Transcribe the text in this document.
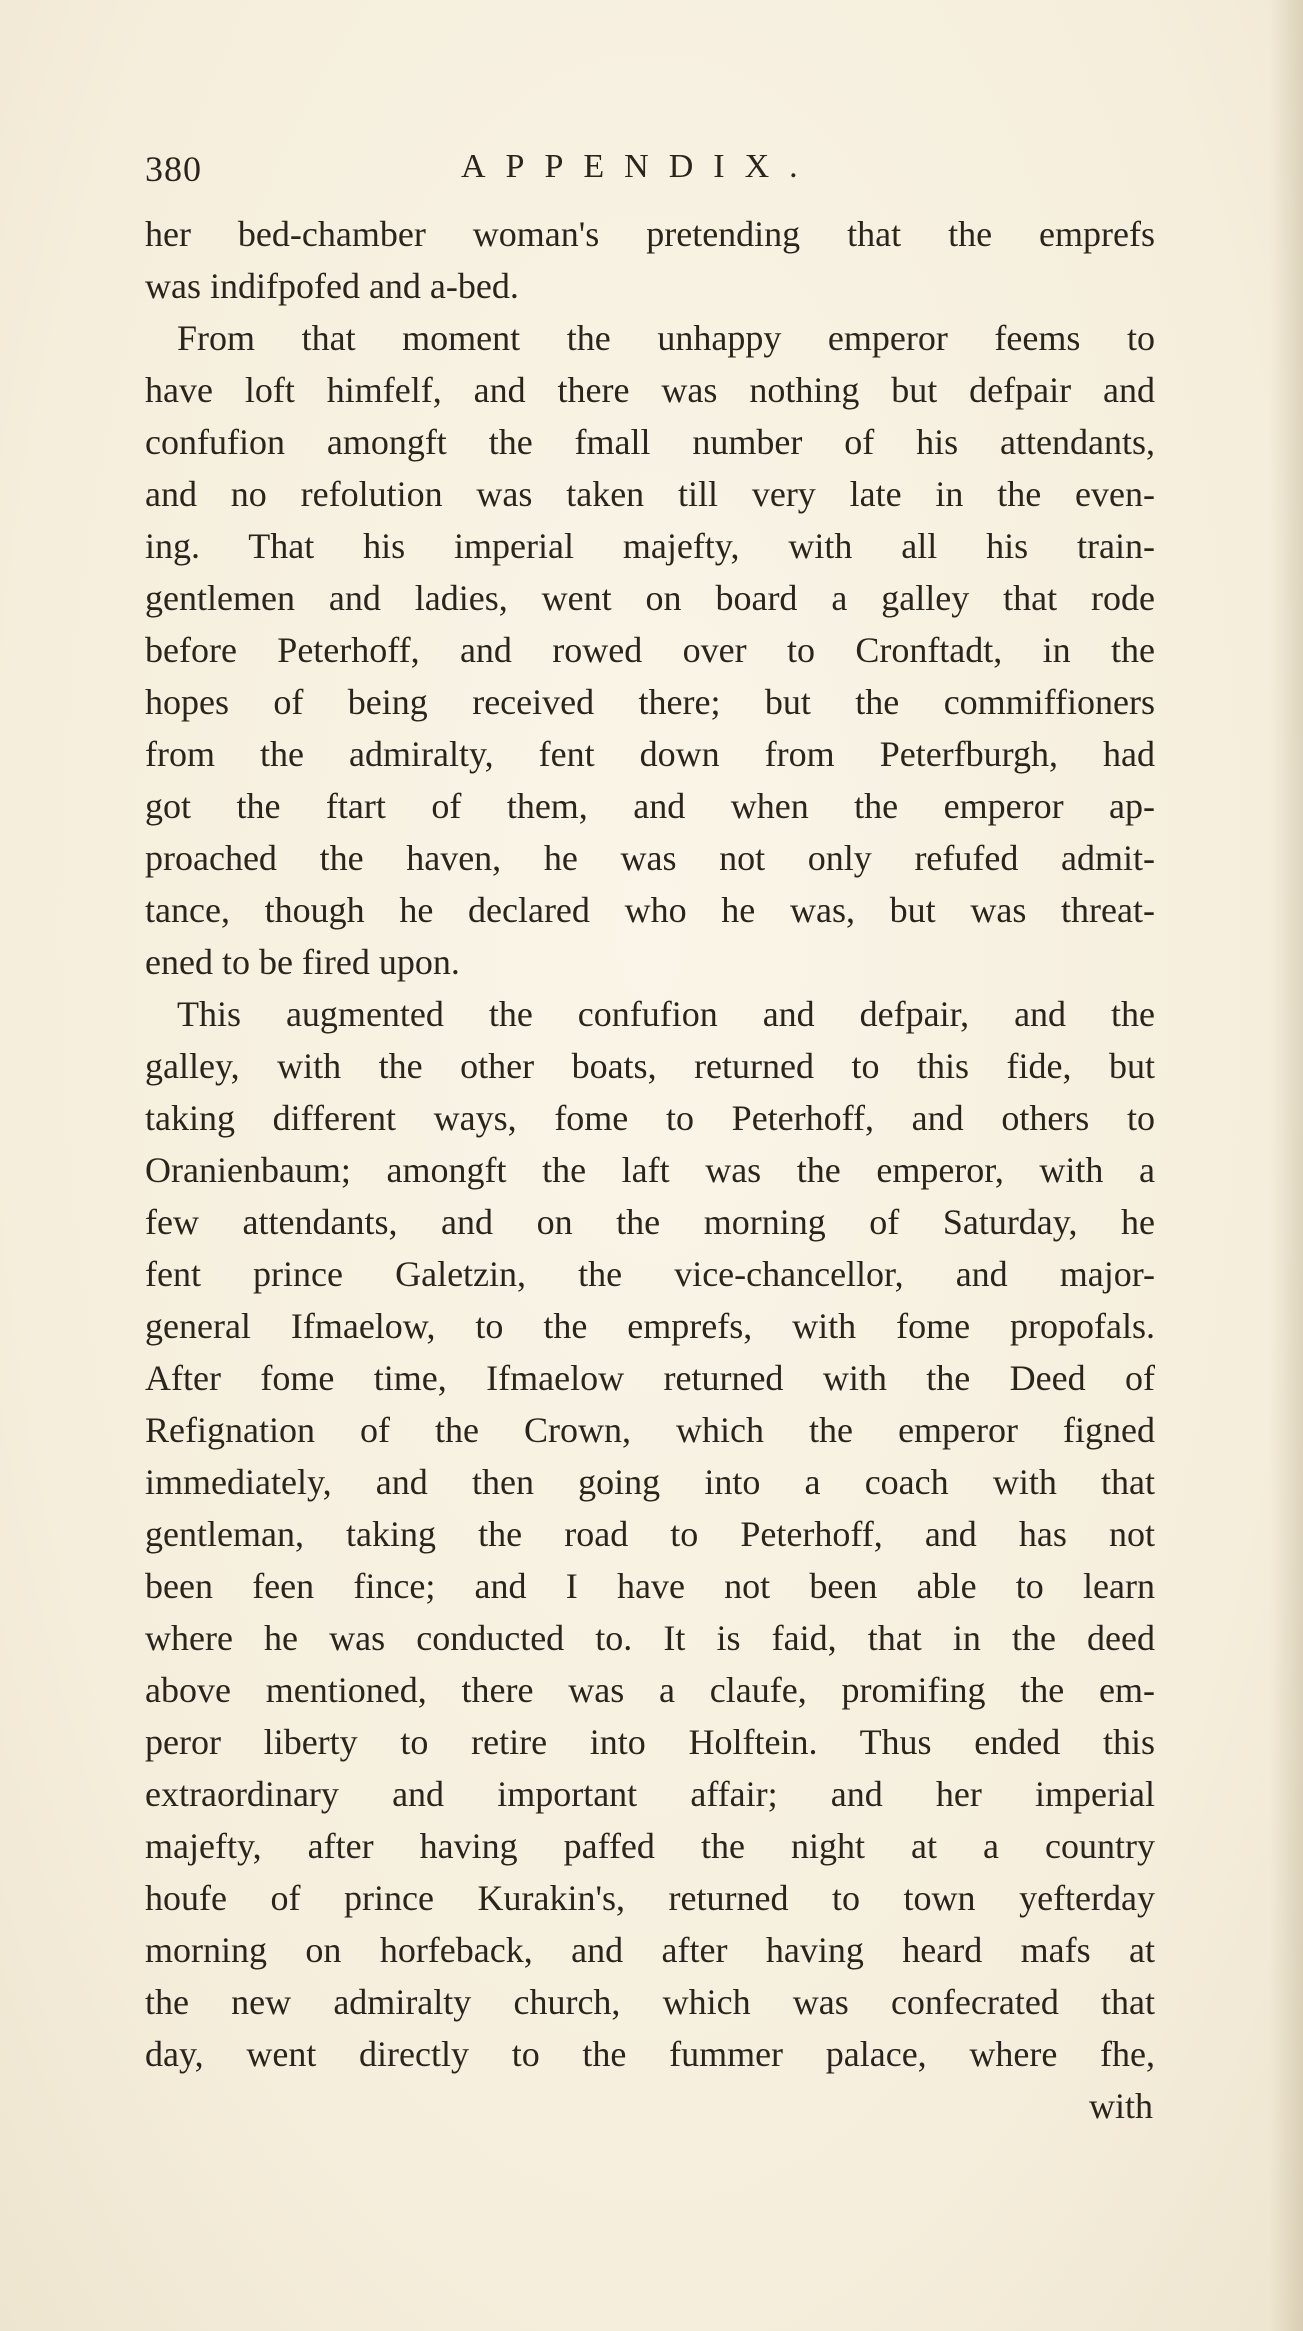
380	APPENDIX.
her bed-chamber woman's pretending that the emprefs
was indifpofed and a-bed.
From that moment the unhappy emperor feems to
have loft himfelf, and there was nothing but defpair and
confufion amongft the fmall number of his attendants,
and no refolution was taken till very late in the even-
ing. That his imperial majefty, with all his train-
gentlemen and ladies, went on board a galley that rode
before Peterhoff, and rowed over to Cronftadt, in the
hopes of being received there; but the commiffioners
from the admiralty, fent down from Peterfburgh, had
got the ftart of them, and when the emperor ap-
proached the haven, he was not only refufed admit-
tance, though he declared who he was, but was threat-
ened to be fired upon.
This augmented the confufion and defpair, and the
galley, with the other boats, returned to this fide, but
taking different ways, fome to Peterhoff, and others to
Oranienbaum; amongft the laft was the emperor, with a
few attendants, and on the morning of Saturday, he
fent prince Galetzin, the vice-chancellor, and major-
general Ifmaelow, to the emprefs, with fome propofals.
After fome time, Ifmaelow returned with the Deed of
Refignation of the Crown, which the emperor figned
immediately, and then going into a coach with that
gentleman, taking the road to Peterhoff, and has not
been feen fince; and I have not been able to learn
where he was conducted to. It is faid, that in the deed
above mentioned, there was a claufe, promifing the em-
peror liberty to retire into Holftein. Thus ended this
extraordinary and important affair; and her imperial
majefty, after having paffed the night at a country
houfe of prince Kurakin's, returned to town yefterday
morning on horfeback, and after having heard mafs at
the new admiralty church, which was confecrated that
day, went directly to the fummer palace, where fhe,
with
